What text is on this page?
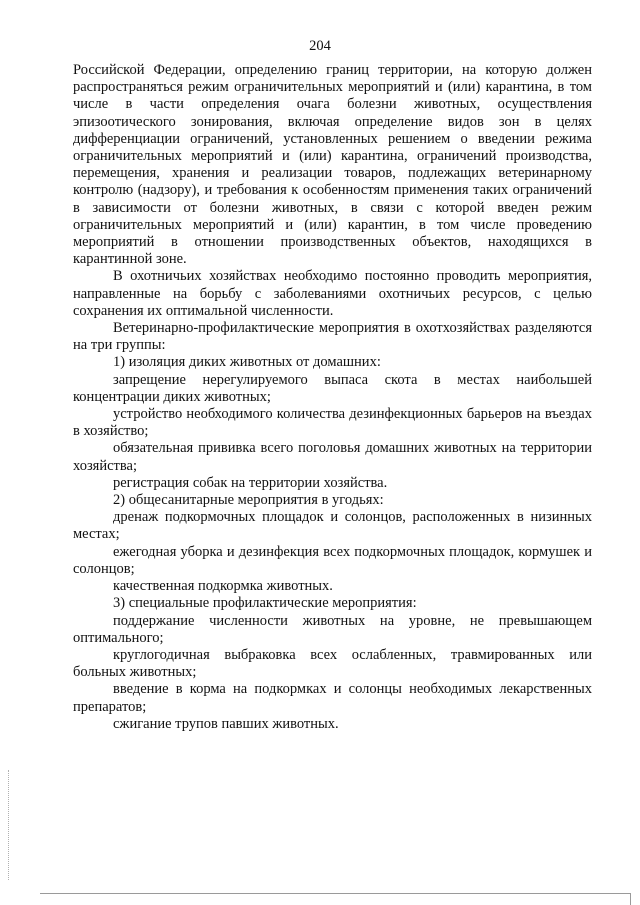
204

Российской Федерации, определению границ территории, на которую должен распространяться режим ограничительных мероприятий и (или) карантина, в том числе в части определения очага болезни животных, осуществления эпизоотического зонирования, включая определение видов зон в целях дифференциации ограничений, установленных решением о введении режима ограничительных мероприятий и (или) карантина, ограничений производства, перемещения, хранения и реализации товаров, подлежащих ветеринарному контролю (надзору), и требования к особенностям применения таких ограничений в зависимости от болезни животных, в связи с которой введен режим ограничительных мероприятий и (или) карантин, в том числе проведению мероприятий в отношении производственных объектов, находящихся в карантинной зоне.

В охотничьих хозяйствах необходимо постоянно проводить мероприятия, направленные на борьбу с заболеваниями охотничьих ресурсов, с целью сохранения их оптимальной численности.

Ветеринарно-профилактические мероприятия в охотхозяйствах разделяются на три группы:

1) изоляция диких животных от домашних:

запрещение нерегулируемого выпаса скота в местах наибольшей концентрации диких животных;

устройство необходимого количества дезинфекционных барьеров на въездах в хозяйство;

обязательная прививка всего поголовья домашних животных на территории хозяйства;

регистрация собак на территории хозяйства.

2) общесанитарные мероприятия в угодьях:

дренаж подкормочных площадок и солонцов, расположенных в низинных местах;

ежегодная уборка и дезинфекция всех подкормочных площадок, кормушек и солонцов;

качественная подкормка животных.

3) специальные профилактические мероприятия:

поддержание численности животных на уровне, не превышающем оптимального;

круглогодичная выбраковка всех ослабленных, травмированных или больных животных;

введение в корма на подкормках и солонцы необходимых лекарственных препаратов;

сжигание трупов павших животных.
